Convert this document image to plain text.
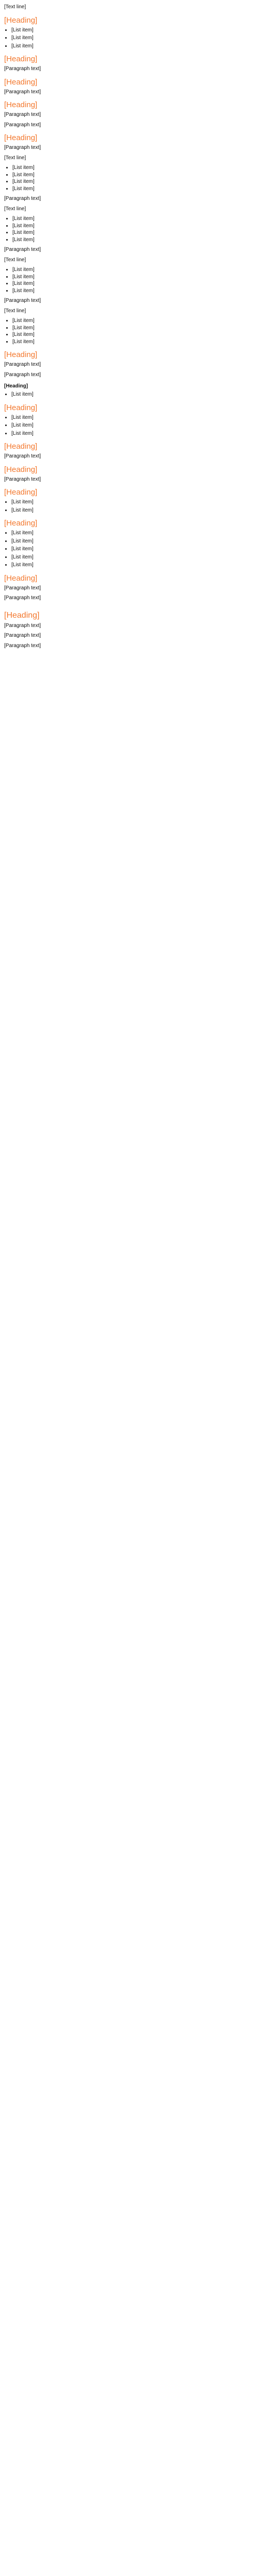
[Text line]
[Heading]
• [List item]
• [List item]
• [List item]
[Heading]

[Paragraph text]

[Heading]

[Paragraph text]

[Heading]

[Paragraph text]

[Paragraph text]

[Heading]

[Paragraph text]

[Text line]
• [List item]
• [List item]
• [List item]
• [List item]

[Paragraph text]

[Text line]
• [List item]
• [List item]
• [List item]
• [List item]

[Paragraph text]

[Text line]
• [List item]
• [List item]
• [List item]
• [List item]

[Paragraph text]

[Text line]
• [List item]
• [List item]
• [List item]
• [List item]
[Heading]

[Paragraph text]

[Paragraph text]

[Heading]
• [List item]
[Heading]
• [List item]
• [List item]
• [List item]
[Heading]

[Paragraph text]

[Heading]

[Paragraph text]

[Heading]
• [List item]
• [List item]
[Heading]
• [List item]
• [List item]
• [List item]
• [List item]
• [List item]
[Heading]

[Paragraph text]

[Paragraph text]

[Heading]

[Paragraph text]

[Paragraph text]

[Paragraph text]
